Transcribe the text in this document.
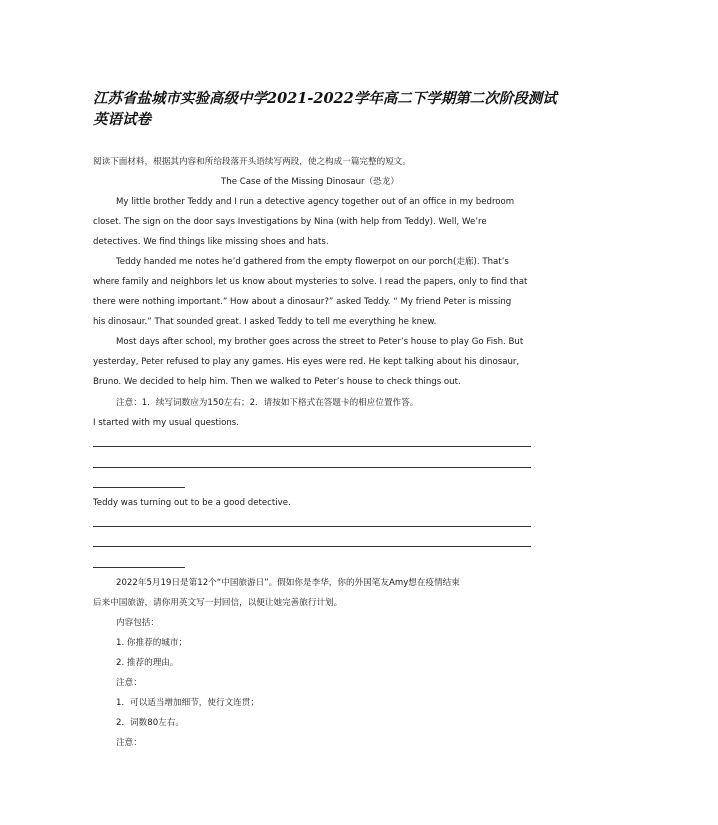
江苏省盐城市实验高级中学2021-2022学年高二下学期第二次阶段测试英语试卷
阅读下面材料，根据其内容和所给段落开头语续写两段，使之构成一篇完整的短文。
The Case of the Missing Dinosaur（恐龙）
My little brother Teddy and I run a detective agency together out of an office in my bedroom
closet. The sign on the door says Investigations by Nina (with help from Teddy). Well, We’re
detectives. We find things like missing shoes and hats.
Teddy handed me notes he’d gathered from the empty flowerpot on our porch(走廊). That’s
where family and neighbors let us know about mysteries to solve. I read the papers, only to find that
there were nothing important.” How about a dinosaur?” asked Teddy. “ My friend Peter is missing
his dinosaur.” That sounded great. I asked Teddy to tell me everything he knew.
Most days after school, my brother goes across the street to Peter’s house to play Go Fish. But
yesterday, Peter refused to play any games. His eyes were red. He kept talking about his dinosaur,
Bruno. We decided to help him. Then we walked to Peter’s house to check things out.
注意：1．续写词数应为150左右；2．请按如下格式在答题卡的相应位置作答。
I started with my usual questions.
Teddy was turning out to be a good detective.
2022年5月19日是第12个“中国旅游日”。假如你是李华，你的外国笔友Amy想在疫情结束
后来中国旅游，请你用英文写一封回信，以便让她完善旅行计划。
内容包括：
1. 你推荐的城市；
2. 推荐的理由。
注意：
1．可以适当增加细节，使行文连贯；
2．词数80左右。
注意：
